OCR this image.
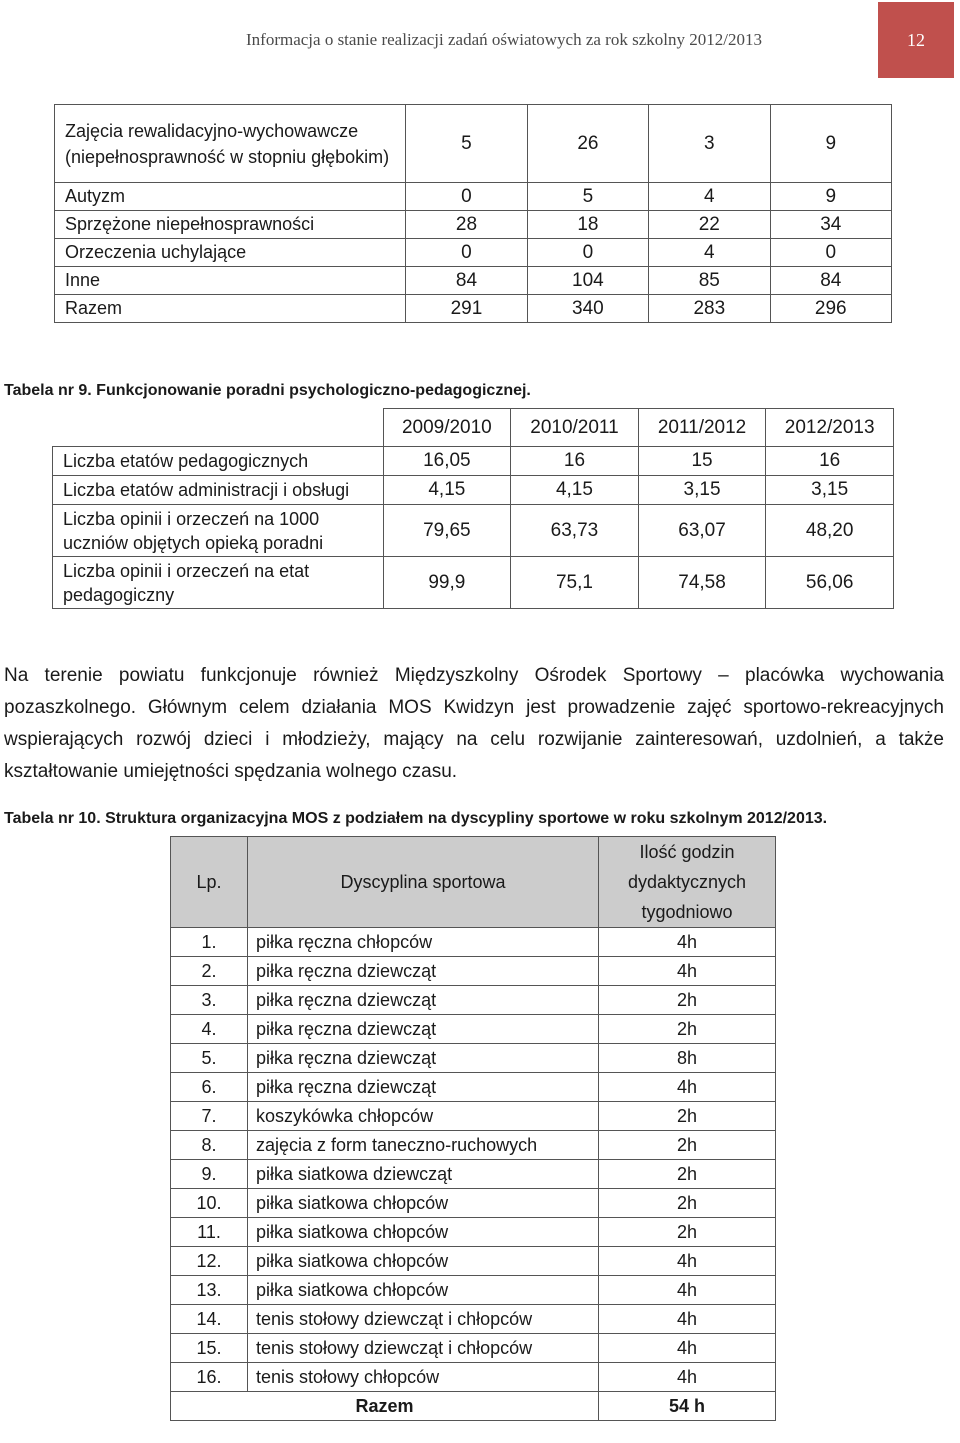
Informacja o stanie realizacji zadań oświatowych za rok szkolny 2012/2013	12
Zajęcia rewalidacyjno-wychowawcze (niepełnosprawność w stopniu głębokim)	5	26	3	9
Autyzm	0	5	4	9
Sprzężone niepełnosprawności	28	18	22	34
Orzeczenia uchylające	0	0	4	0
Inne	84	104	85	84
Razem	291	340	283	296
Tabela nr 9. Funkcjonowanie poradni psychologiczno-pedagogicznej.
	2009/2010	2010/2011	2011/2012	2012/2013
Liczba etatów pedagogicznych	16,05	16	15	16
Liczba etatów administracji i obsługi	4,15	4,15	3,15	3,15
Liczba opinii i orzeczeń na 1000 uczniów objętych opieką poradni	79,65	63,73	63,07	48,20
Liczba opinii i orzeczeń na etat pedagogiczny	99,9	75,1	74,58	56,06
Na terenie powiatu funkcjonuje również Międzyszkolny Ośrodek Sportowy – placówka wychowania pozaszkolnego. Głównym celem działania MOS Kwidzyn jest prowadzenie zajęć sportowo-rekreacyjnych wspierających rozwój dzieci i młodzieży, mający na celu rozwijanie zainteresowań, uzdolnień, a także kształtowanie umiejętności spędzania wolnego czasu.
Tabela nr 10. Struktura organizacyjna MOS z podziałem na dyscypliny sportowe w roku szkolnym 2012/2013.
Lp.	Dyscyplina sportowa	Ilość godzin dydaktycznych tygodniowo
1.	piłka ręczna chłopców	4h
2.	piłka ręczna dziewcząt	4h
3.	piłka ręczna dziewcząt	2h
4.	piłka ręczna dziewcząt	2h
5.	piłka ręczna dziewcząt	8h
6.	piłka ręczna dziewcząt	4h
7.	koszykówka chłopców	2h
8.	zajęcia z form taneczno-ruchowych	2h
9.	piłka siatkowa dziewcząt	2h
10.	piłka siatkowa chłopców	2h
11.	piłka siatkowa chłopców	2h
12.	piłka siatkowa chłopców	4h
13.	piłka siatkowa chłopców	4h
14.	tenis stołowy dziewcząt i chłopców	4h
15.	tenis stołowy dziewcząt i chłopców	4h
16.	tenis stołowy chłopców	4h
Razem		54 h
